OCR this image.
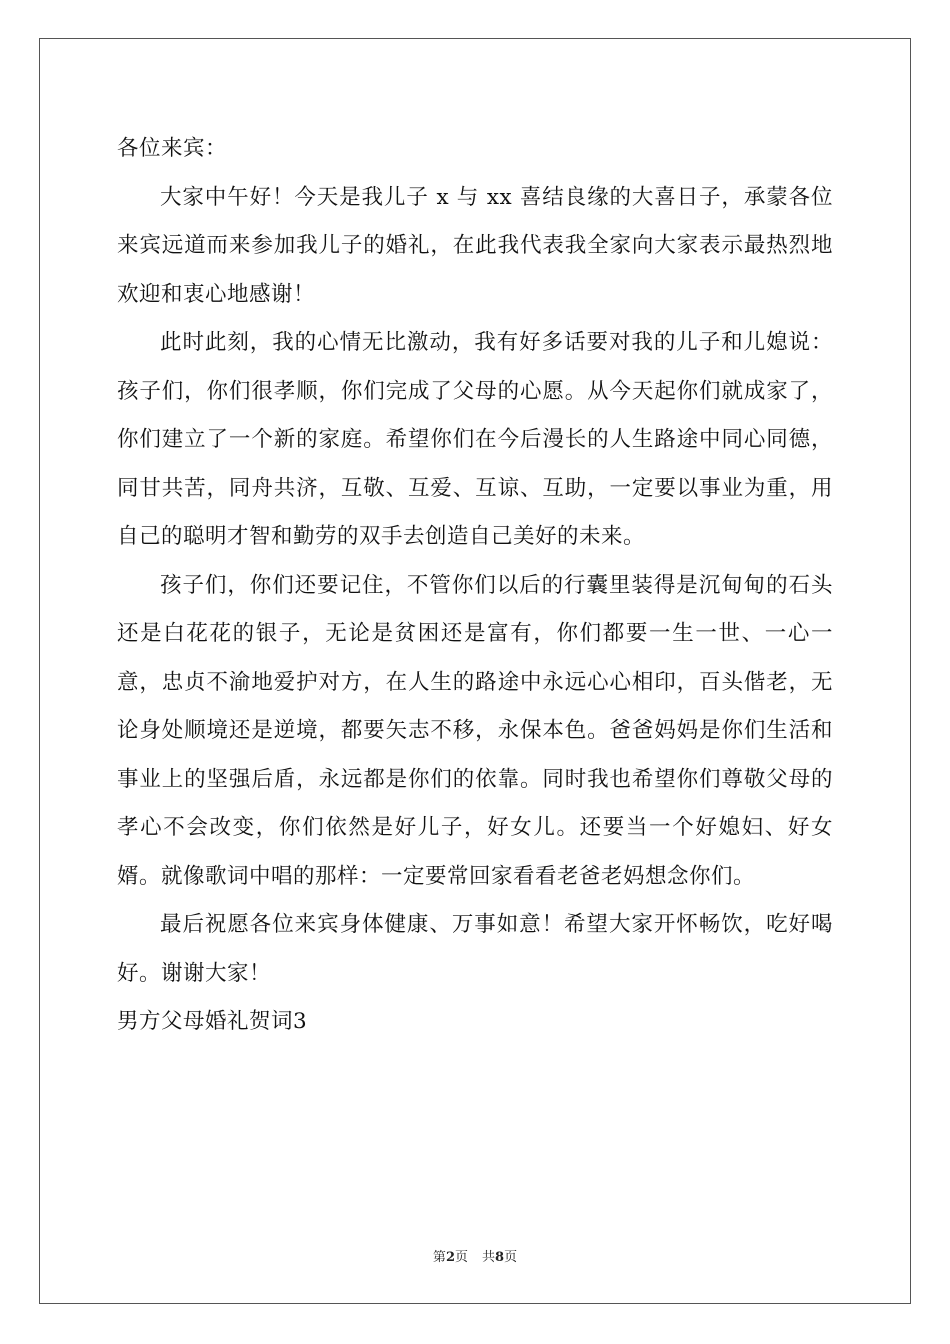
各位来宾：

大家中午好！今天是我儿子 x 与 xx 喜结良缘的大喜日子，承蒙各位来宾远道而来参加我儿子的婚礼，在此我代表我全家向大家表示最热烈地欢迎和衷心地感谢！

此时此刻，我的心情无比激动，我有好多话要对我的儿子和儿媳说：孩子们，你们很孝顺，你们完成了父母的心愿。从今天起你们就成家了，你们建立了一个新的家庭。希望你们在今后漫长的人生路途中同心同德，同甘共苦，同舟共济，互敬、互爱、互谅、互助，一定要以事业为重，用自己的聪明才智和勤劳的双手去创造自己美好的未来。

孩子们，你们还要记住，不管你们以后的行囊里装得是沉甸甸的石头还是白花花的银子，无论是贫困还是富有，你们都要一生一世、一心一意，忠贞不渝地爱护对方，在人生的路途中永远心心相印，百头偕老，无论身处顺境还是逆境，都要矢志不移，永保本色。爸爸妈妈是你们生活和事业上的坚强后盾，永远都是你们的依靠。同时我也希望你们尊敬父母的孝心不会改变，你们依然是好儿子，好女儿。还要当一个好媳妇、好女婿。就像歌词中唱的那样：一定要常回家看看老爸老妈想念你们。

最后祝愿各位来宾身体健康、万事如意！希望大家开怀畅饮，吃好喝好。谢谢大家！

男方父母婚礼贺词3

第2页 共8页
